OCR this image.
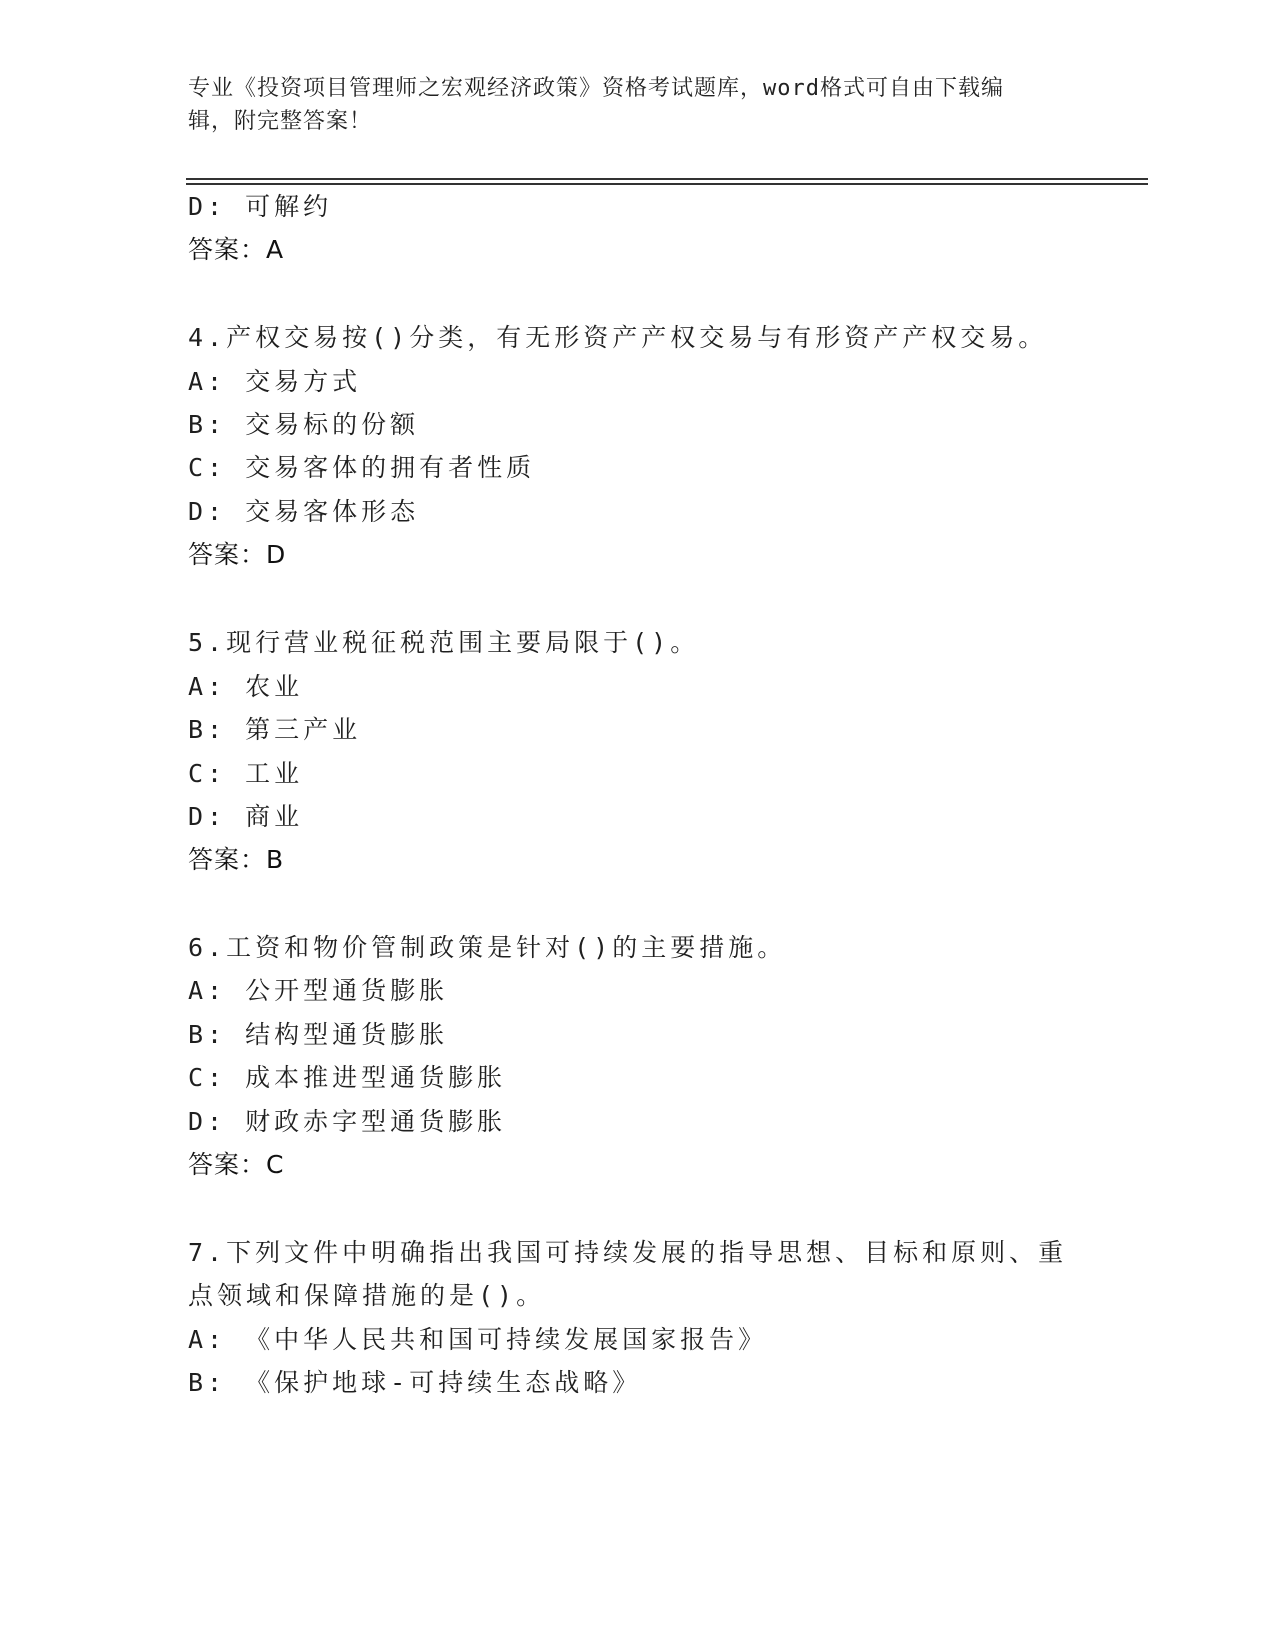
专业《投资项目管理师之宏观经济政策》资格考试题库，word格式可自由下载编
辑，附完整答案！
D: 可解约
答案：A
4.产权交易按()分类，有无形资产产权交易与有形资产产权交易。
A: 交易方式
B: 交易标的份额
C: 交易客体的拥有者性质
D: 交易客体形态
答案：D
5.现行营业税征税范围主要局限于()。
A: 农业
B: 第三产业
C: 工业
D: 商业
答案：B
6.工资和物价管制政策是针对()的主要措施。
A: 公开型通货膨胀
B: 结构型通货膨胀
C: 成本推进型通货膨胀
D: 财政赤字型通货膨胀
答案：C
7.下列文件中明确指出我国可持续发展的指导思想、目标和原则、重
点领域和保障措施的是()。
A: 《中华人民共和国可持续发展国家报告》
B: 《保护地球-可持续生态战略》
